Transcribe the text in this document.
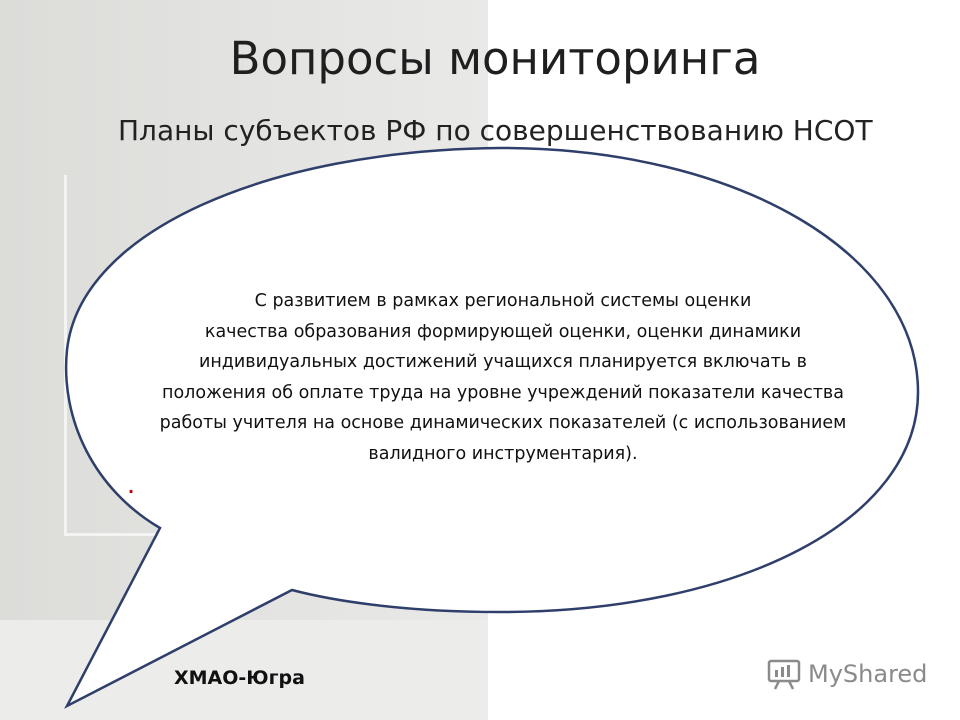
Вопросы мониторинга
Планы субъектов РФ по совершенствованию НСОТ
С развитием в рамках региональной системы оценки
качества образования формирующей оценки, оценки динамики
индивидуальных достижений учащихся планируется включать в
положения об оплате труда на уровне учреждений показатели качества
работы учителя на основе динамических показателей (с использованием
валидного инструментария).
.
ХМАО-Югра	MyShared
